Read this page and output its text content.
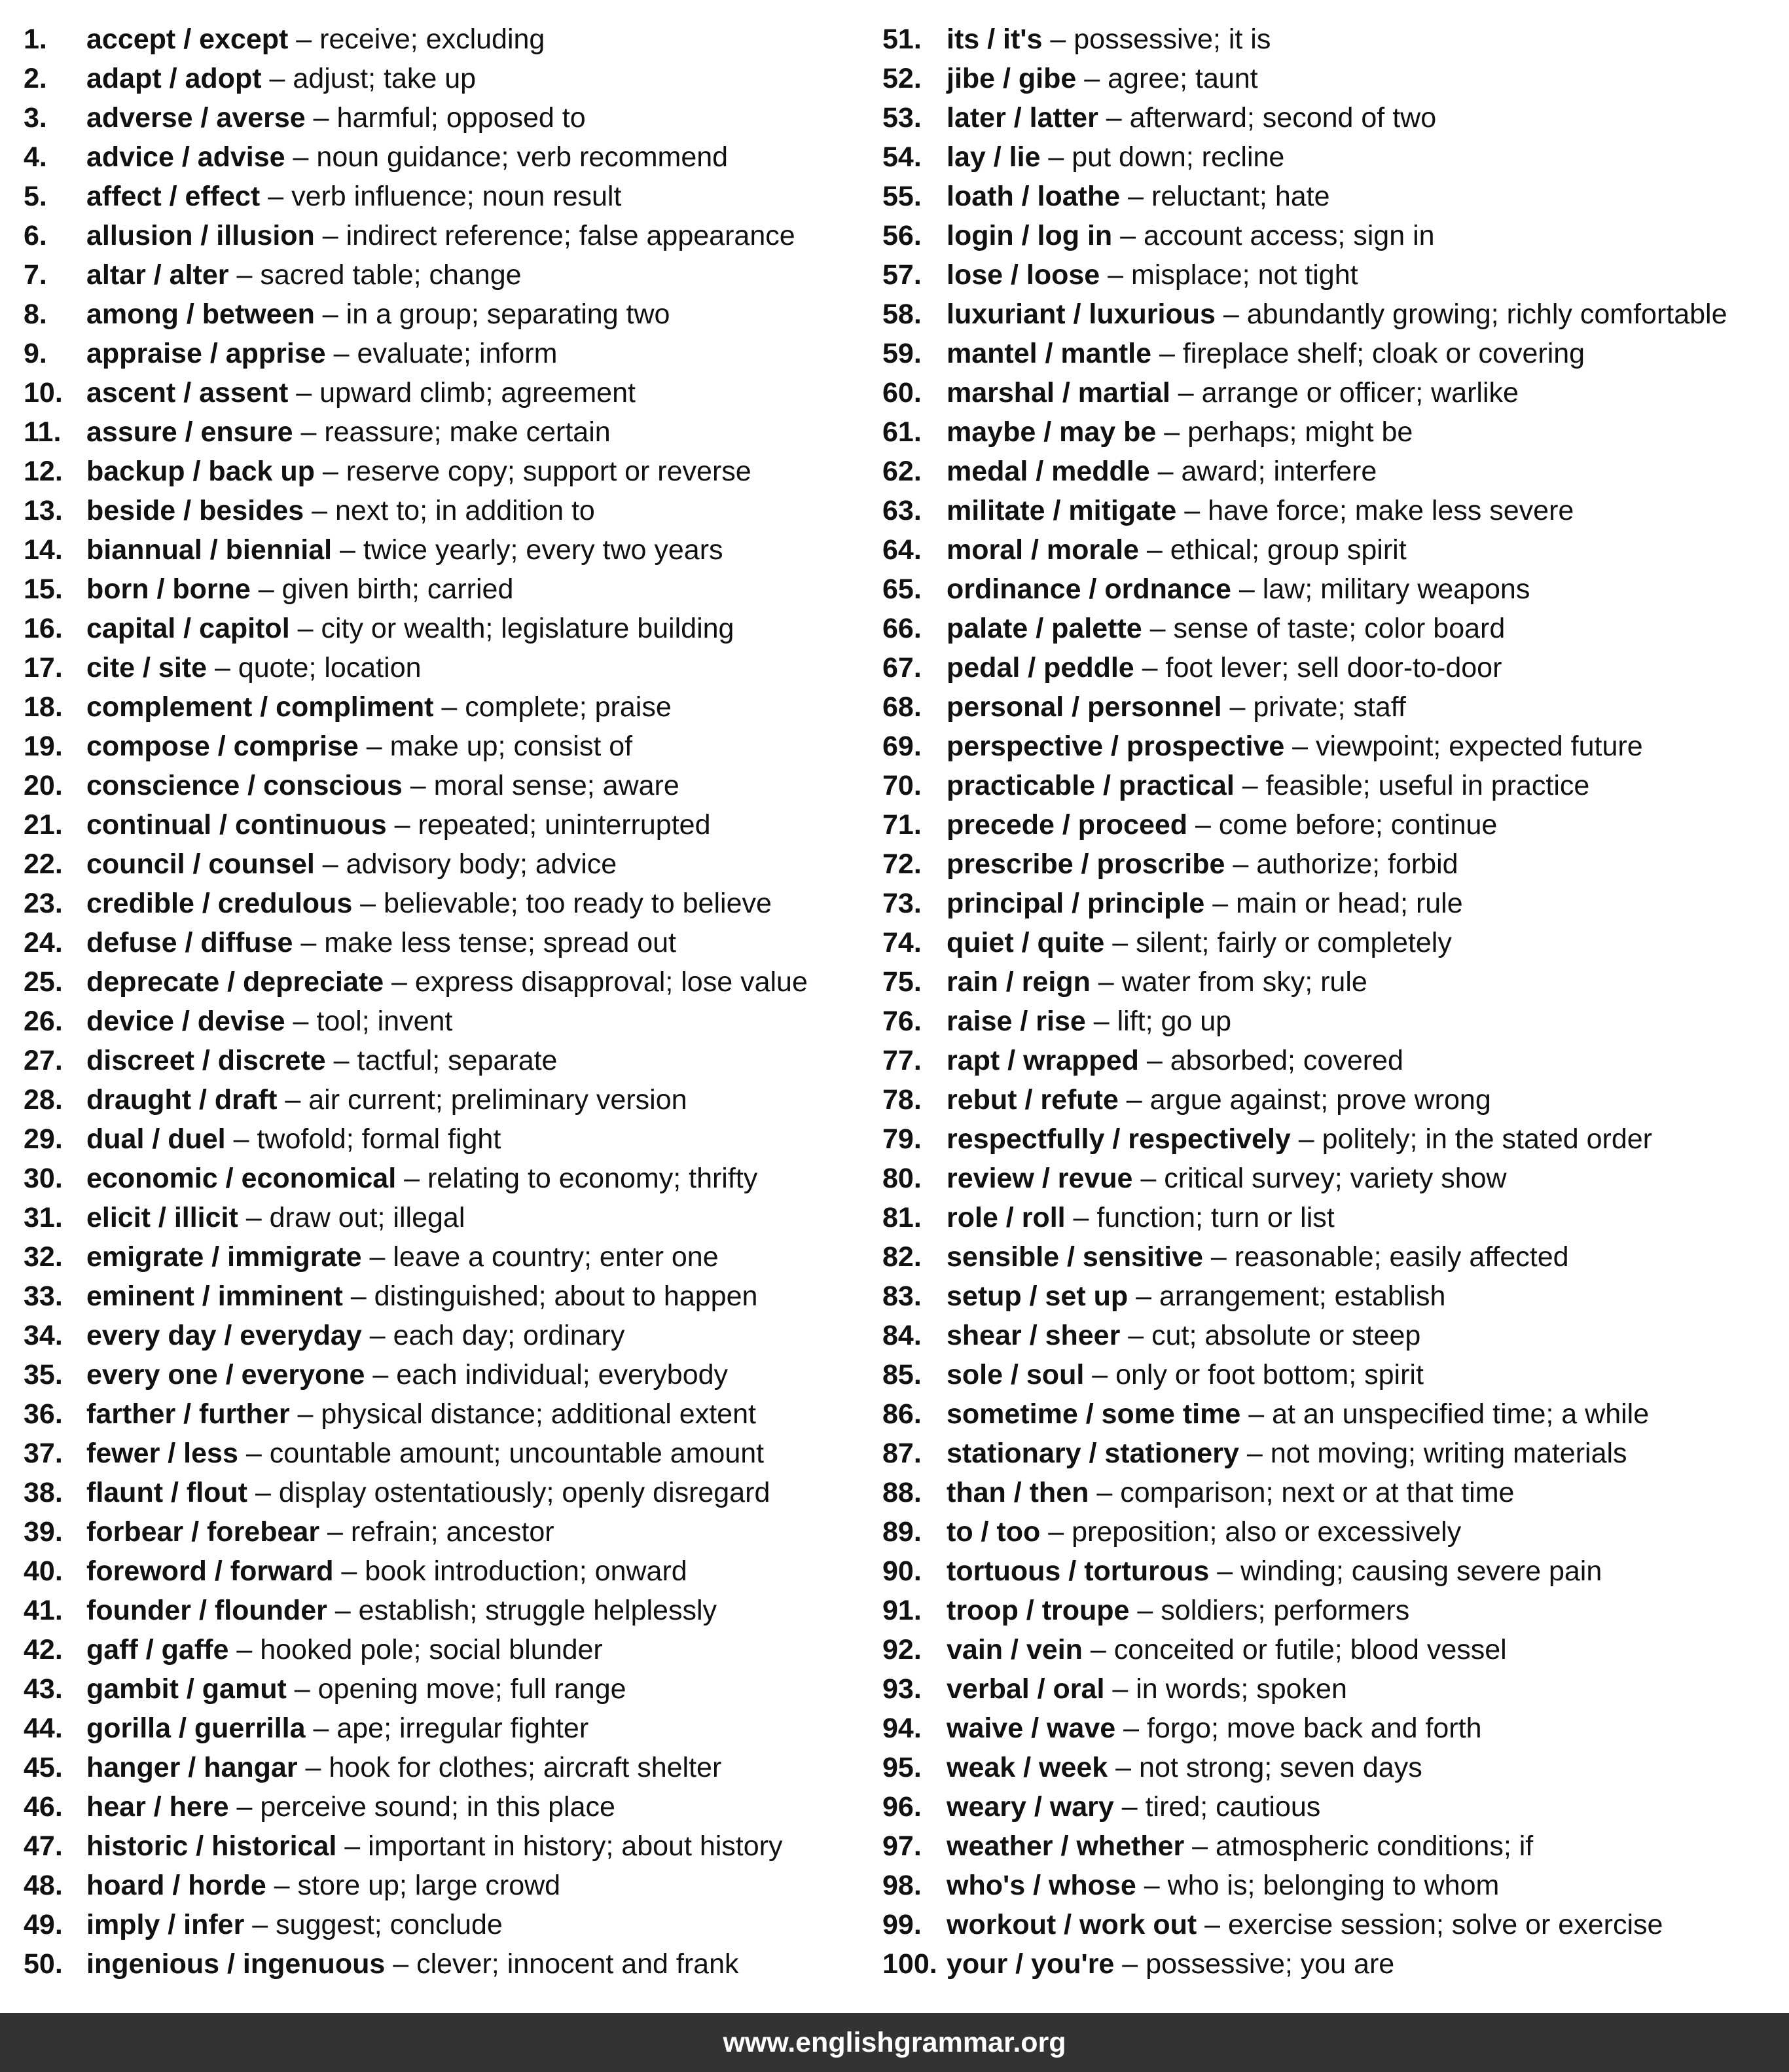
1. accept / except – receive; excluding
2. adapt / adopt – adjust; take up
3. adverse / averse – harmful; opposed to
4. advice / advise – noun guidance; verb recommend
5. affect / effect – verb influence; noun result
6. allusion / illusion – indirect reference; false appearance
7. altar / alter – sacred table; change
8. among / between – in a group; separating two
9. appraise / apprise – evaluate; inform
10. ascent / assent – upward climb; agreement
11. assure / ensure – reassure; make certain
12. backup / back up – reserve copy; support or reverse
13. beside / besides – next to; in addition to
14. biannual / biennial – twice yearly; every two years
15. born / borne – given birth; carried
16. capital / capitol – city or wealth; legislature building
17. cite / site – quote; location
18. complement / compliment – complete; praise
19. compose / comprise – make up; consist of
20. conscience / conscious – moral sense; aware
21. continual / continuous – repeated; uninterrupted
22. council / counsel – advisory body; advice
23. credible / credulous – believable; too ready to believe
24. defuse / diffuse – make less tense; spread out
25. deprecate / depreciate – express disapproval; lose value
26. device / devise – tool; invent
27. discreet / discrete – tactful; separate
28. draught / draft – air current; preliminary version
29. dual / duel – twofold; formal fight
30. economic / economical – relating to economy; thrifty
31. elicit / illicit – draw out; illegal
32. emigrate / immigrate – leave a country; enter one
33. eminent / imminent – distinguished; about to happen
34. every day / everyday – each day; ordinary
35. every one / everyone – each individual; everybody
36. farther / further – physical distance; additional extent
37. fewer / less – countable amount; uncountable amount
38. flaunt / flout – display ostentatiously; openly disregard
39. forbear / forebear – refrain; ancestor
40. foreword / forward – book introduction; onward
41. founder / flounder – establish; struggle helplessly
42. gaff / gaffe – hooked pole; social blunder
43. gambit / gamut – opening move; full range
44. gorilla / guerrilla – ape; irregular fighter
45. hanger / hangar – hook for clothes; aircraft shelter
46. hear / here – perceive sound; in this place
47. historic / historical – important in history; about history
48. hoard / horde – store up; large crowd
49. imply / infer – suggest; conclude
50. ingenious / ingenuous – clever; innocent and frank
51. its / it's – possessive; it is
52. jibe / gibe – agree; taunt
53. later / latter – afterward; second of two
54. lay / lie – put down; recline
55. loath / loathe – reluctant; hate
56. login / log in – account access; sign in
57. lose / loose – misplace; not tight
58. luxuriant / luxurious – abundantly growing; richly comfortable
59. mantel / mantle – fireplace shelf; cloak or covering
60. marshal / martial – arrange or officer; warlike
61. maybe / may be – perhaps; might be
62. medal / meddle – award; interfere
63. militate / mitigate – have force; make less severe
64. moral / morale – ethical; group spirit
65. ordinance / ordnance – law; military weapons
66. palate / palette – sense of taste; color board
67. pedal / peddle – foot lever; sell door-to-door
68. personal / personnel – private; staff
69. perspective / prospective – viewpoint; expected future
70. practicable / practical – feasible; useful in practice
71. precede / proceed – come before; continue
72. prescribe / proscribe – authorize; forbid
73. principal / principle – main or head; rule
74. quiet / quite – silent; fairly or completely
75. rain / reign – water from sky; rule
76. raise / rise – lift; go up
77. rapt / wrapped – absorbed; covered
78. rebut / refute – argue against; prove wrong
79. respectfully / respectively – politely; in the stated order
80. review / revue – critical survey; variety show
81. role / roll – function; turn or list
82. sensible / sensitive – reasonable; easily affected
83. setup / set up – arrangement; establish
84. shear / sheer – cut; absolute or steep
85. sole / soul – only or foot bottom; spirit
86. sometime / some time – at an unspecified time; a while
87. stationary / stationery – not moving; writing materials
88. than / then – comparison; next or at that time
89. to / too – preposition; also or excessively
90. tortuous / torturous – winding; causing severe pain
91. troop / troupe – soldiers; performers
92. vain / vein – conceited or futile; blood vessel
93. verbal / oral – in words; spoken
94. waive / wave – forgo; move back and forth
95. weak / week – not strong; seven days
96. weary / wary – tired; cautious
97. weather / whether – atmospheric conditions; if
98. who's / whose – who is; belonging to whom
99. workout / work out – exercise session; solve or exercise
100. your / you're – possessive; you are
www.englishgrammar.org
